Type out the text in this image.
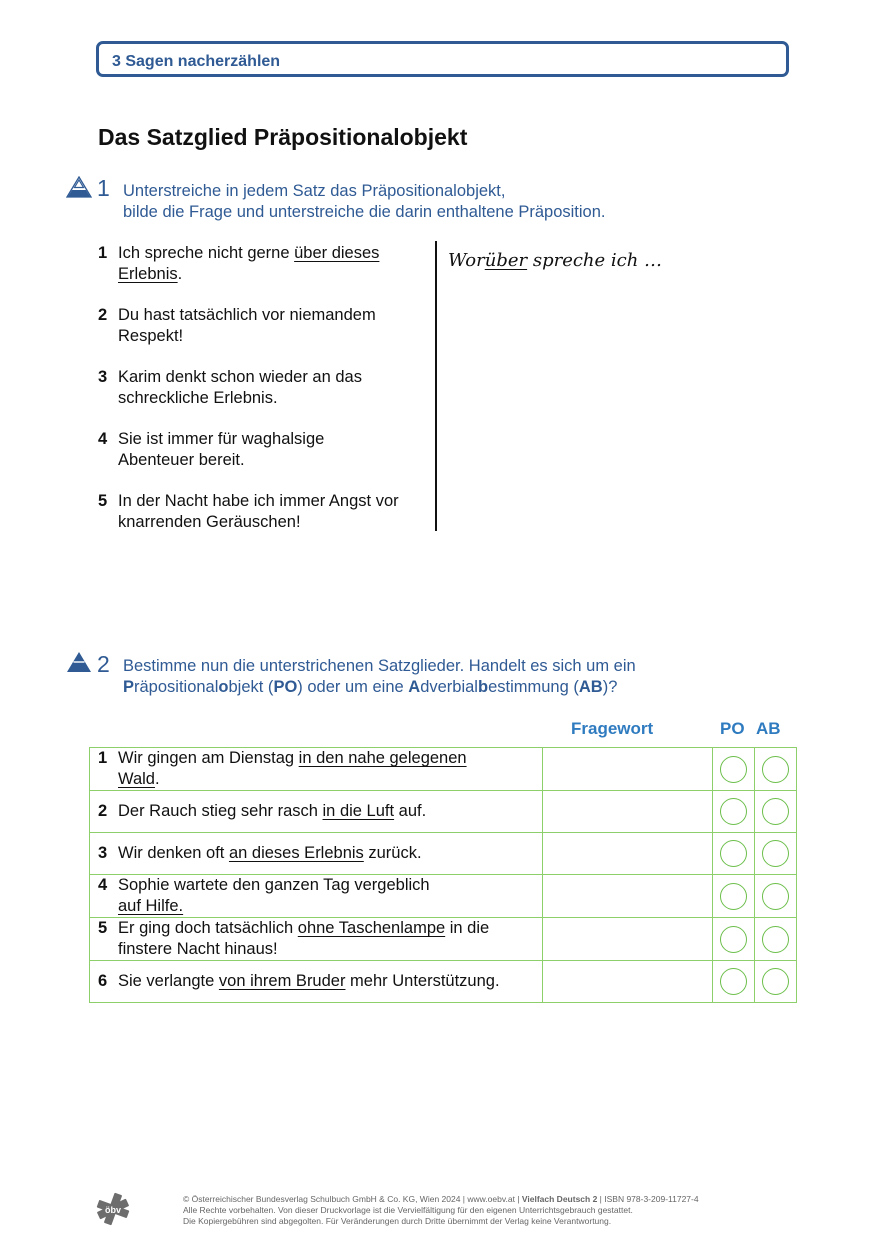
3 Sagen nacherzählen
Das Satzglied Präpositionalobjekt
1 Unterstreiche in jedem Satz das Präpositionalobjekt,
bilde die Frage und unterstreiche die darin enthaltene Präposition.
1 Ich spreche nicht gerne über dieses
Erlebnis.
2 Du hast tatsächlich vor niemandem
Respekt!
3 Karim denkt schon wieder an das
schreckliche Erlebnis.
4 Sie ist immer für waghalsige
Abenteuer bereit.
5 In der Nacht habe ich immer Angst vor
knarrenden Geräuschen!
Worüber spreche ich …
2 Bestimme nun die unterstrichenen Satzglieder. Handelt es sich um ein
Präpositionalobjekt (PO) oder um eine Adverbialbestimmung (AB)?
Fragewort	PO AB
1 Wir gingen am Dienstag in den nahe gelegenen
Wald.			

2 Der Rauch stieg sehr rasch in die Luft auf.			

3 Wir denken oft an dieses Erlebnis zurück.			

4 Sophie wartete den ganzen Tag vergeblich
auf Hilfe.			

5 Er ging doch tatsächlich ohne Taschenlampe in die
finstere Nacht hinaus!			

6 Sie verlangte von ihrem Bruder mehr Unterstützung.			

öbv
© Österreichischer Bundesverlag Schulbuch GmbH & Co. KG, Wien 2024 | www.oebv.at | Vielfach Deutsch 2 | ISBN 978-3-209-11727-4
Alle Rechte vorbehalten. Von dieser Druckvorlage ist die Vervielfältigung für den eigenen Unterrichtsgebrauch gestattet.
Die Kopiergebühren sind abgegolten. Für Veränderungen durch Dritte übernimmt der Verlag keine Verantwortung.
